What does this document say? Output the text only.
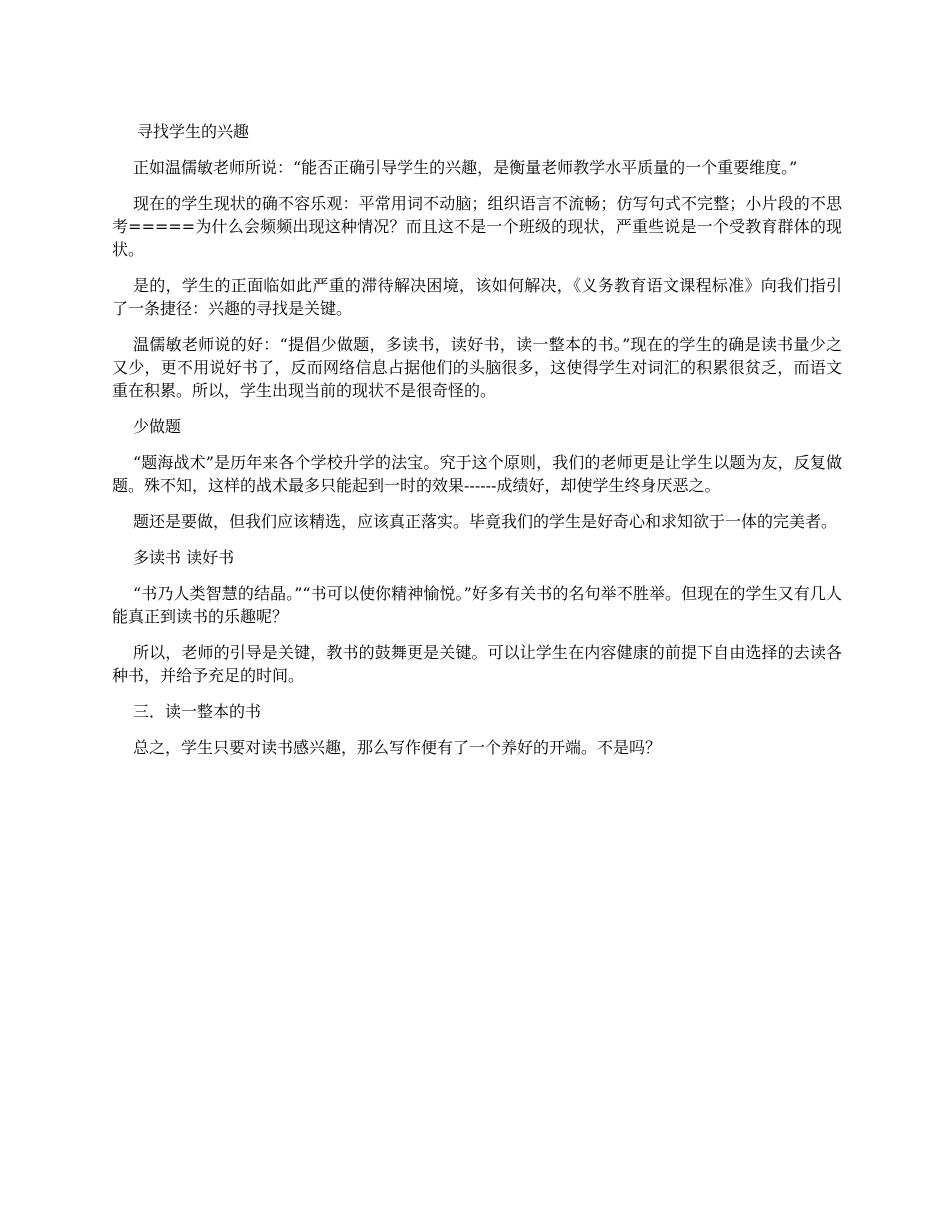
寻找学生的兴趣

正如温儒敏老师所说：“能否正确引导学生的兴趣，是衡量老师教学水平质量的一个重要维度。”

现在的学生现状的确不容乐观：平常用词不动脑；组织语言不流畅；仿写句式不完整；小片段的不思考=====为什么会频频出现这种情况？而且这不是一个班级的现状，严重些说是一个受教育群体的现状。

是的，学生的正面临如此严重的滞待解决困境，该如何解决，《义务教育语文课程标准》向我们指引了一条捷径：兴趣的寻找是关键。

温儒敏老师说的好：“提倡少做题，多读书，读好书，读一整本的书。”现在的学生的确是读书量少之又少，更不用说好书了，反而网络信息占据他们的头脑很多，这使得学生对词汇的积累很贫乏，而语文重在积累。所以，学生出现当前的现状不是很奇怪的。

少做题

“题海战术”是历年来各个学校升学的法宝。究于这个原则，我们的老师更是让学生以题为友，反复做题。殊不知，这样的战术最多只能起到一时的效果------成绩好，却使学生终身厌恶之。

题还是要做，但我们应该精选，应该真正落实。毕竟我们的学生是好奇心和求知欲于一体的完美者。

多读书 读好书

“书乃人类智慧的结晶。”“书可以使你精神愉悦。”好多有关书的名句举不胜举。但现在的学生又有几人能真正到读书的乐趣呢？

所以，老师的引导是关键，教书的鼓舞更是关键。可以让学生在内容健康的前提下自由选择的去读各种书，并给予充足的时间。

三．读一整本的书

总之，学生只要对读书感兴趣，那么写作便有了一个养好的开端。不是吗？
